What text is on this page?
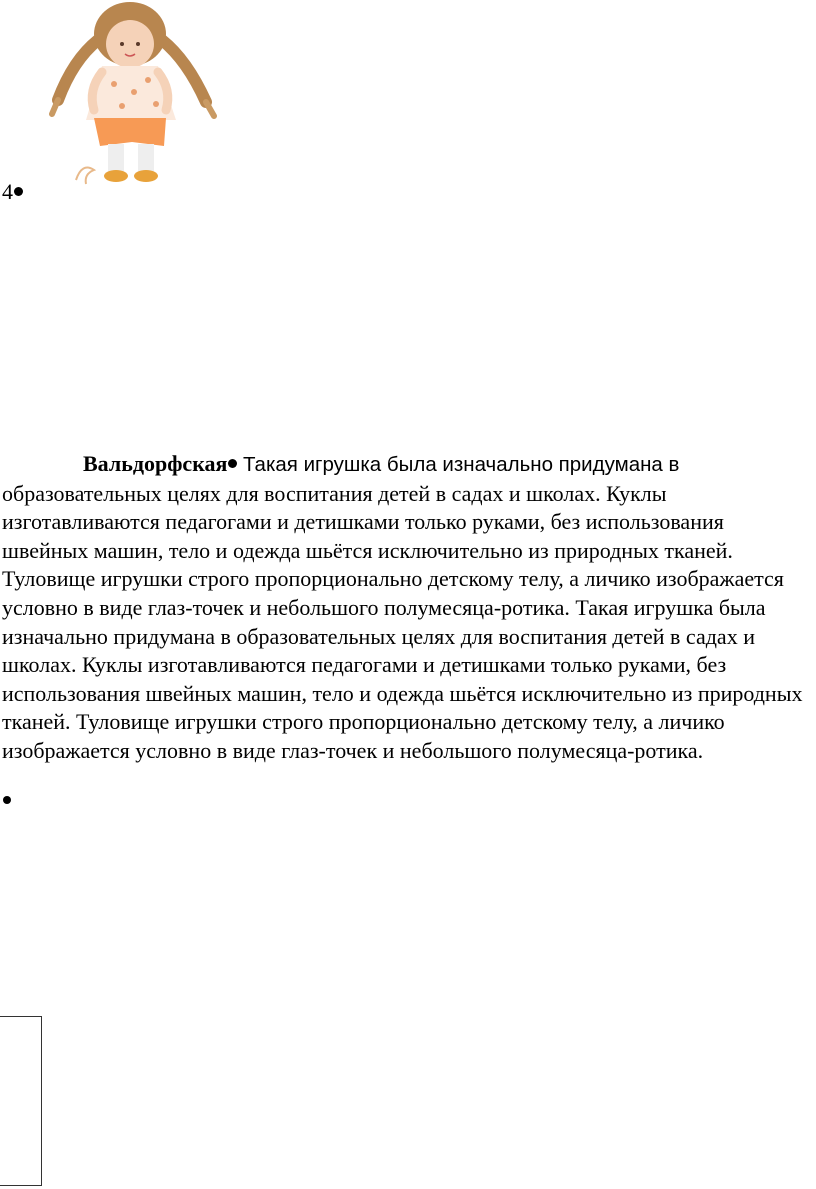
4

Вальдорфская Такая игрушка была изначально придумана в образовательных целях для воспитания детей в садах и школах. Куклы изготавливаются педагогами и детишками только руками, без использования швейных машин, тело и одежда шьётся исключительно из природных тканей. Туловище игрушки строго пропорционально детскому телу, а личико изображается условно в виде глаз-точек и небольшого полумесяца-ротика. Такая игрушка была изначально придумана в образовательных целях для воспитания детей в садах и школах. Куклы изготавливаются педагогами и детишками только руками, без использования швейных машин, тело и одежда шьётся исключительно из природных тканей. Туловище игрушки строго пропорционально детскому телу, а личико изображается условно в виде глаз-точек и небольшого полумесяца-ротика.
